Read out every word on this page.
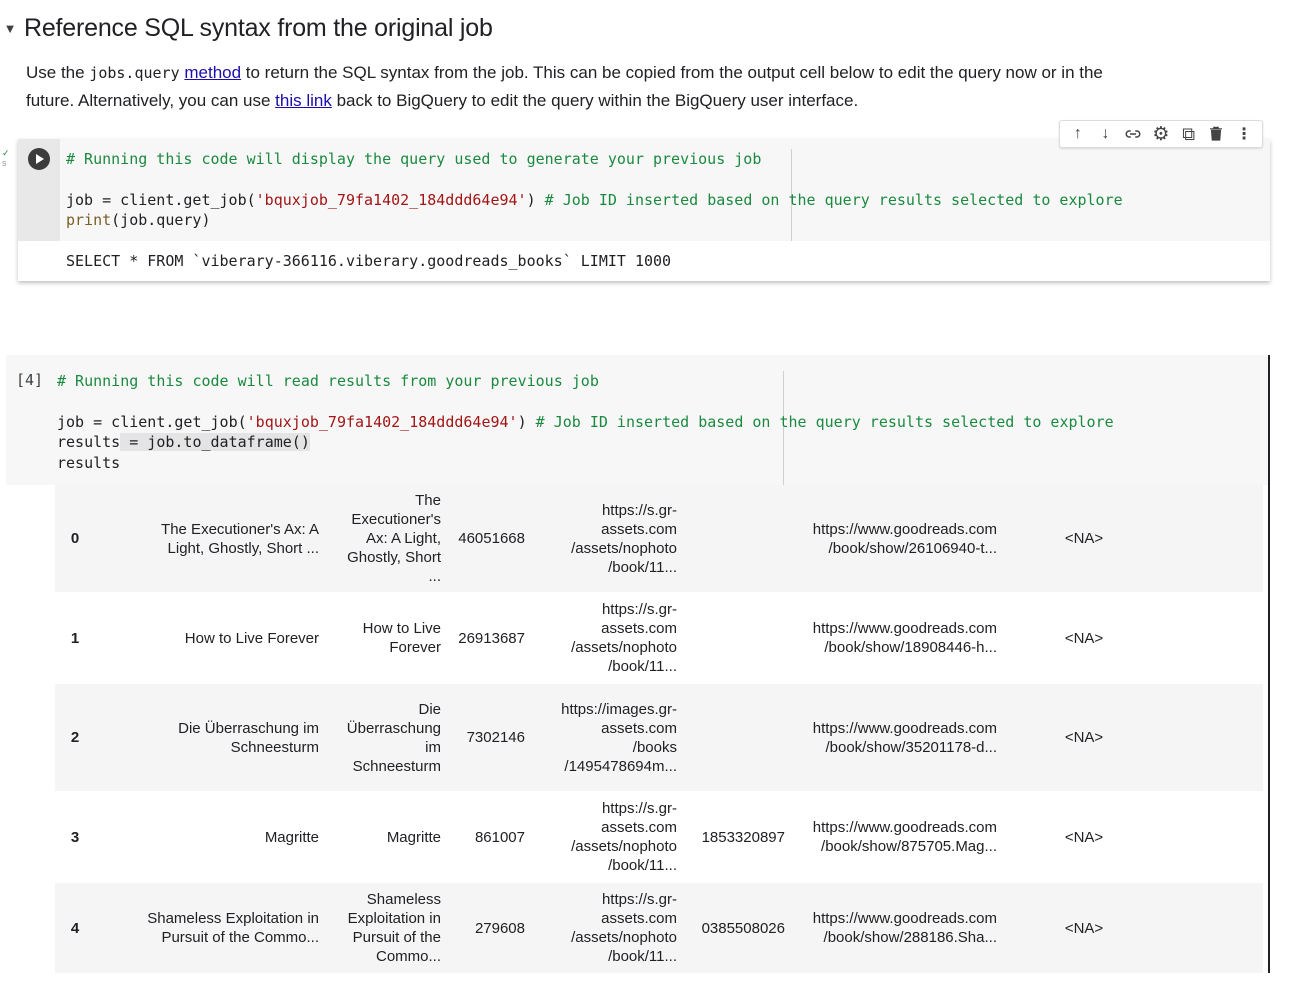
▼ Reference SQL syntax from the original job
Use the jobs.query method to return the SQL syntax from the job. This can be copied from the output cell below to edit the query now or in the future. Alternatively, you can use this link back to BigQuery to edit the query within the BigQuery user interface.
✓
s	# Running this code will display the query used to generate your previous job
job = client.get_job('bquxjob_79fa1402_184ddd64e94') # Job ID inserted based on the query results selected to explore
print(job.query)
SELECT * FROM `viberary-366116.viberary.goodreads_books` LIMIT 1000
↑	↓	⚙ ⧉	⋮
[4] # Running this code will read results from your previous job
job = client.get_job('bquxjob_79fa1402_184ddd64e94') # Job ID inserted based on the query results selected to explore
results = job.to_dataframe()
results
0	The Executioner's Ax: A
Light, Ghostly, Short ...	The
Executioner's
Ax: A Light,
Ghostly, Short
...	46051668	https://s.gr-
assets.com
/assets/nophoto
/book/11...		https://www.goodreads.com
/book/show/26106940-t...	<NA>	
1	How to Live Forever	How to Live
Forever	26913687	https://s.gr-
assets.com
/assets/nophoto
/book/11...		https://www.goodreads.com
/book/show/18908446-h...	<NA>	
2	Die Überraschung im
Schneesturm	Die
Überraschung
im
Schneesturm	7302146	https://images.gr-
assets.com
/books
/1495478694m...		https://www.goodreads.com
/book/show/35201178-d...	<NA>	
3	Magritte	Magritte	861007	https://s.gr-
assets.com
/assets/nophoto
/book/11...	1853320897	https://www.goodreads.com
/book/show/875705.Mag...	<NA>	
4	Shameless Exploitation in
Pursuit of the Commo...	Shameless
Exploitation in
Pursuit of the
Commo...	279608	https://s.gr-
assets.com
/assets/nophoto
/book/11...	0385508026	https://www.goodreads.com
/book/show/288186.Sha...	<NA>	
